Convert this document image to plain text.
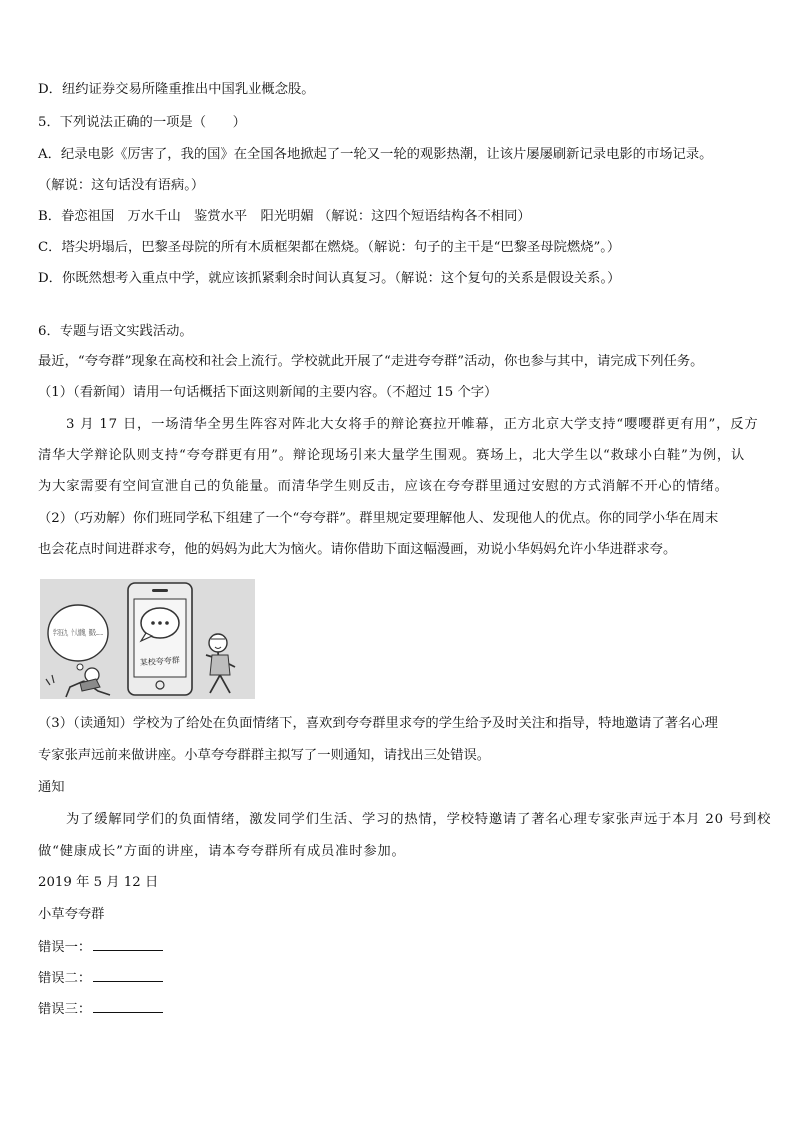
D．纽约证券交易所隆重推出中国乳业概念股。
5．下列说法正确的一项是（　　）
A．纪录电影《厉害了，我的国》在全国各地掀起了一轮又一轮的观影热潮，让该片屡屡刷新记录电影的市场记录。
（解说：这句话没有语病。）
B．眷恋祖国　万水千山　鉴赏水平　阳光明媚 （解说：这四个短语结构各不相同）
C．塔尖坍塌后，巴黎圣母院的所有木质框架都在燃烧。（解说：句子的主干是“巴黎圣母院燃烧”。）
D．你既然想考入重点中学，就应该抓紧剩余时间认真复习。（解说：这个复句的关系是假设关系。）
6．专题与语文实践活动。
最近，“夸夸群”现象在高校和社会上流行。学校就此开展了“走进夸夸群”活动，你也参与其中，请完成下列任务。
（1）（看新闻）请用一句话概括下面这则新闻的主要内容。（不超过 15 个字）
3 月 17 日，一场清华全男生阵容对阵北大女将手的辩论赛拉开帷幕，正方北京大学支持“嘤嘤群更有用”，反方
清华大学辩论队则支持“夸夸群更有用”。辩论现场引来大量学生围观。赛场上，北大学生以“救球小白鞋”为例，认
为大家需要有空间宣泄自己的负能量。而清华学生则反击，应该在夸夸群里通过安慰的方式消解不开心的情绪。
（2）（巧劝解）你们班同学私下组建了一个“夸夸群”。群里规定要理解他人、发现他人的优点。你的同学小华在周末
也会花点时间进群求夸，他的妈妈为此大为恼火。请你借助下面这幅漫画，劝说小华妈妈允许小华进群求夸。
某校夸夸群
（3）（读通知）学校为了给处在负面情绪下，喜欢到夸夸群里求夸的学生给予及时关注和指导，特地邀请了著名心理
专家张声远前来做讲座。小草夸夸群群主拟写了一则通知，请找出三处错误。
通知
为了缓解同学们的负面情绪，激发同学们生活、学习的热情，学校特邀请了著名心理专家张声远于本月 20 号到校
做“健康成长”方面的讲座，请本夸夸群所有成员准时参加。
2019 年 5 月 12 日
小草夸夸群
错误一：
错误二：
错误三：
